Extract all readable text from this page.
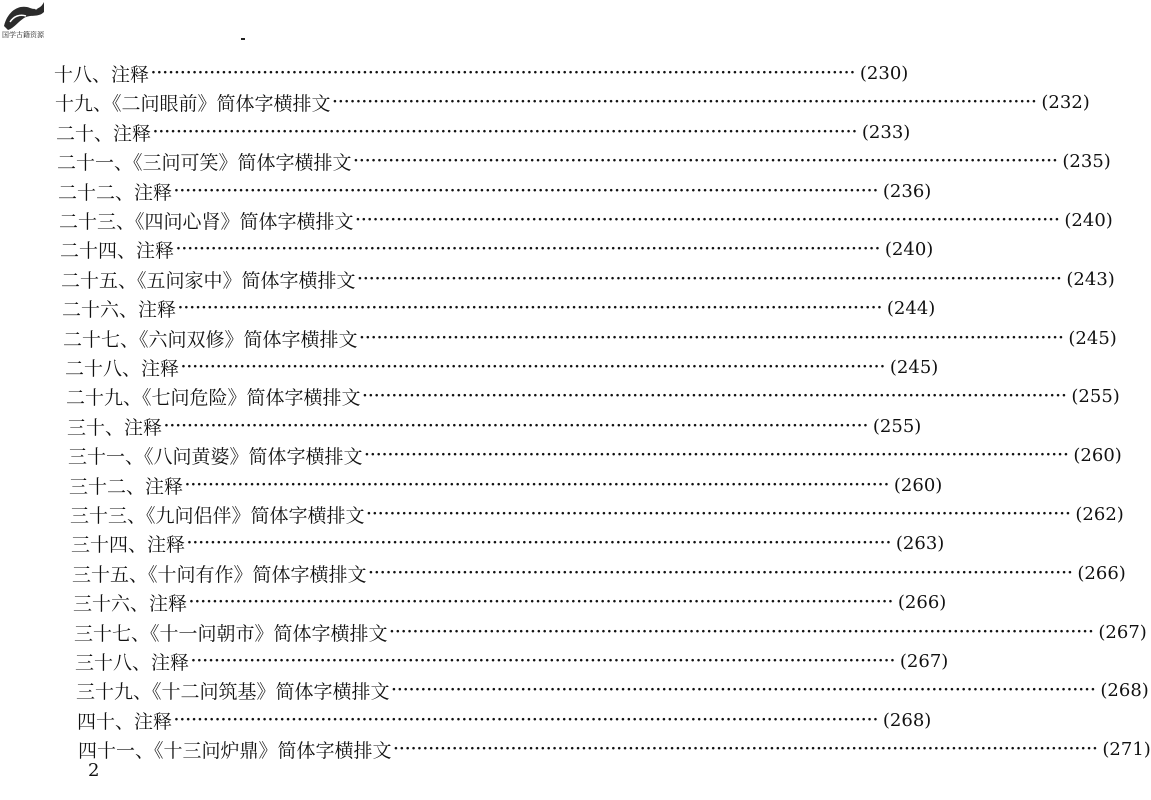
国学古籍资源
十八、注释 ························································································································ (230)
十九、《二问眼前》简体字横排文 ························································································································ (232)
二十、注释 ························································································································ (233)
二十一、《三问可笑》简体字横排文 ························································································································ (235)
二十二、注释 ························································································································ (236)
二十三、《四问心肾》简体字横排文 ························································································································ (240)
二十四、注释 ························································································································ (240)
二十五、《五问家中》简体字横排文 ························································································································ (243)
二十六、注释 ························································································································ (244)
二十七、《六问双修》简体字横排文 ························································································································ (245)
二十八、注释 ························································································································ (245)
二十九、《七问危险》简体字横排文 ························································································································ (255)
三十、注释 ························································································································ (255)
三十一、《八问黄婆》简体字横排文 ························································································································ (260)
三十二、注释 ························································································································ (260)
三十三、《九问侣伴》简体字横排文 ························································································································ (262)
三十四、注释 ························································································································ (263)
三十五、《十问有作》简体字横排文 ························································································································ (266)
三十六、注释 ························································································································ (266)
三十七、《十一问朝市》简体字横排文 ························································································································ (267)
三十八、注释 ························································································································ (267)
三十九、《十二问筑基》简体字横排文 ························································································································ (268)
四十、注释 ························································································································ (268)
四十一、《十三问炉鼎》简体字横排文 ························································································································ (271)
2
